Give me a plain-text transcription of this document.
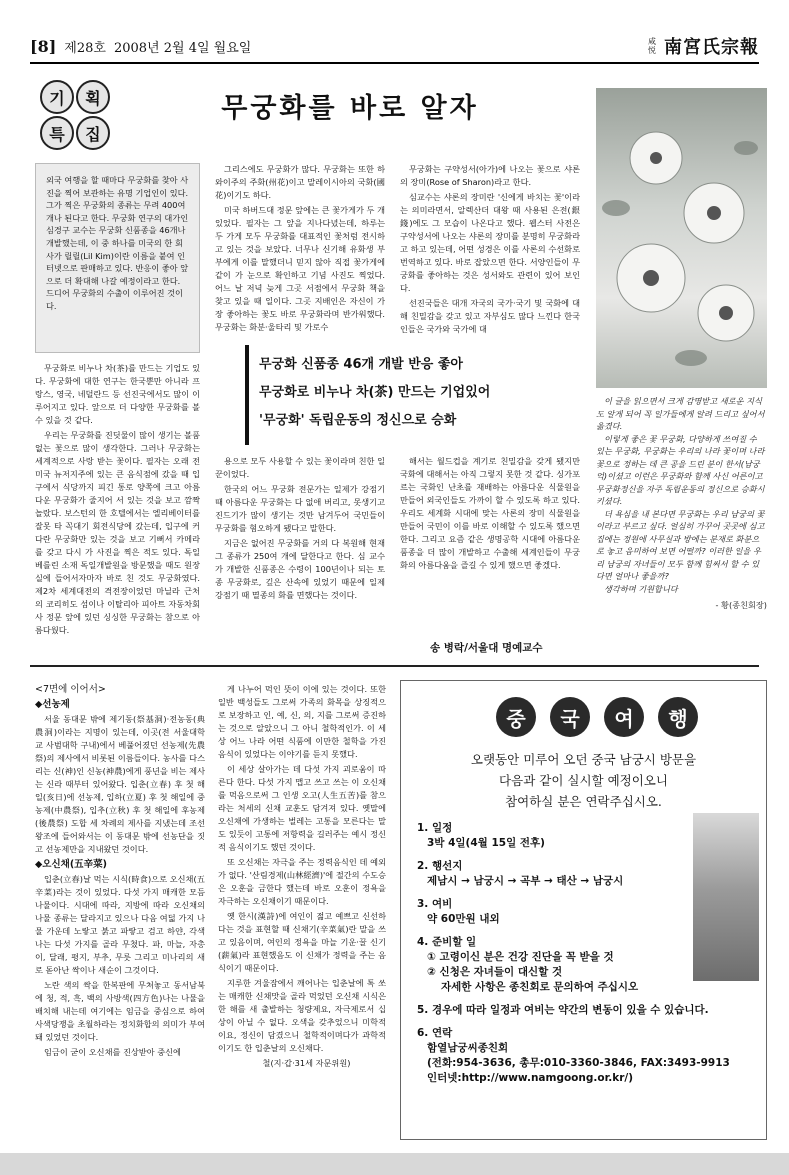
[8] 제28호 2008년 2월 4일 월요일	咸悦 南宮氏宗報
기	획
특	집
무궁화를 바로 알자
외국 여행을 할 때마다 무궁화를 찾아 사진을 찍어 보관하는 유명 기업인이 있다. 그가 찍은 무궁화의 종류는 무려 400여 개나 된다고 한다. 무궁화 연구의 대가인 심경구 교수는 무궁화 신품종을 46개나 개발했는데, 이 중 하나를 미국의 한 회사가 릴릴(Lil Kim)이란 이름을 붙여 인터넷으로 판매하고 있다. 반응이 좋아 앞으로 더 확대해 나갈 예정이라고 한다. 드디어 무궁화의 수출이 이루어진 것이다.

무궁화로 비누나 차(茶)를 만드는 기업도 있다. 무궁화에 대한 연구는 한국뿐만 아니라 프랑스, 영국, 네덜란드 등 선진국에서도 많이 이루어지고 있다. 앞으로 더 다양한 무궁화를 볼 수 있을 것 같다.

우리는 무궁화를 진딧물이 많이 생기는 볼품없는 꽃으로 많이 생각한다. 그러나 무궁화는 세계적으로 사랑 받는 꽃이다. 필자는 오래 전 미국 뉴저지주에 있는 큰 음식점에 갔을 때 입구에서 식당까지 피긴 통로 양쪽에 크고 아름다운 무궁화가 줄지어 서 있는 것을 보고 깜짝 놀랐다. 보스턴의 한 호텔에서는 엘리베이터를 잘못 타 꼭대기 회전식당에 갔는데, 입구에 커다란 무궁화만 있는 것을 보고 기뻐서 카메라를 갖고 다시 가 사진을 찍은 적도 있다. 독일 베를린 소재 독일개발원을 방문했을 때도 원장실에 들어서자마자 바로 친 것도 무궁화였다. 제2차 세계대전의 격전장이었던 마닐라 근처의 코리히도 섬이나 이탈리아 피아트 자동차회사 정문 앞에 있던 싱싱한 무궁화는 참으로 아름다웠다.

그리스에도 무궁화가 많다. 무궁화는 또한 하와이주의 주화(州花)이고 말레이시아의 국화(國花)이기도 하다.

미국 하버드대 정문 앞에는 큰 꽃가게가 두 개 있었다. 필자는 그 앞을 지나다녔는데, 하루는 두 가게 모두 무궁화를 대표적인 꽃처럼 전시하고 있는 것을 보았다. 너무나 신기해 유화생 부부에게 이를 말했더니 믿지 않아 직접 꽃가게에 같이 가 눈으로 확인하고 기념 사진도 찍었다. 어느 날 저녁 늦게 그곳 서점에서 무궁화 책을 찾고 있을 때 일이다. 그곳 지배인은 자신이 가장 좋아하는 꽃도 바로 무궁화라며 반가워했다. 무궁화는 화분·울타리 및 가로수

무궁화는 구약성서(아가)에 나오는 꽃으로 샤론의 장미(Rose of Sharon)라고 한다.

심교수는 샤론의 장미란 '신에게 바치는 꽃'이라는 의미라면서, 알렉산더 대왕 때 사용된 은전(銀錢)에도 그 모습이 나온다고 했다. 웹스터 사전은 구약성서에 나오는 샤론의 장미를 분명히 무궁화라고 하고 있는데, 어떤 성경은 이를 사론의 수선화로 번역하고 있다. 바로 잡았으면 한다. 서양인들이 무궁화를 좋아하는 것은 성서와도 관련이 있어 보인다.

선진국들은 대개 자국의 국가·국기 및 국화에 대해 친밀감을 갖고 있고 자부심도 많다 느낀다 한국인들은 국가와 국가에 대

무궁화 신품종 46개 개발 반응 좋아
무궁화로 비누나 차(茶) 만드는 기업있어
'무궁화' 독립운동의 정신으로 승화

용으로 모두 사용할 수 있는 꽃이라며 친한 일꾼이었다.

한국의 어느 무궁화 전문가는 일제가 강점기 때 아름다운 무궁화는 다 없애 버리고, 못생기고 진드기가 많이 생기는 것만 남겨두어 국민들이 무궁화를 혐오하게 됐다고 말한다.

지금은 없어진 무궁화를 거의 다 복원해 현재 그 종류가 250여 개에 달한다고 한다. 심 교수가 개발한 신품종은 수령이 100년이나 되는 토종 무궁화로, 깊은 산속에 있었기 때문에 일제 강점기 때 멸종의 화를 면했다는 것이다.

해서는 월드컵을 계기로 친밀감을 갖게 됐지만 국화에 대해서는 아직 그렇지 못한 것 같다. 싱가포르는 국화인 난초를 재배하는 아름다운 식물원을 만들어 외국인들도 가까이 할 수 있도록 하고 있다. 우리도 세계화 시대에 맞는 사론의 장미 식물원을 만들어 국민이 이를 바로 이해할 수 있도록 했으면 한다. 그리고 요즘 같은 생명공학 시대에 아름다운 품종을 더 많이 개발하고 수출해 세계인들이 무궁화의 아름다움을 즐길 수 있게 했으면 좋겠다.

송 병락/서울대 명예교수

이 글을 읽으면서 크게 감명받고 새로운 지식도 알게 되어 꼭 일가들에게 알려 드리고 싶어서 옮겼다.

이렇게 좋은 꽃 무궁화, 다양하게 쓰여질 수 있는 무궁화, 무궁화는 우리의 나라 꽃이며 나라꽃으로 정하는 데 큰 공을 드린 분이 한서(남궁 억)이셨고 이런은 무궁화와 함께 사신 어른이고 무궁화정신을 자주 독립운동의 정신으로 승화시키셨다.

더 욕심을 내 본다면 무궁화는 우리 남궁의 꽃이라고 부르고 싶다. 얼심히 가꾸어 곳곳에 심고 집에는 정원에 사무실과 방에는 분재로 화분으로 놓고 음미하여 보면 어떨까? 이러한 일을 우리 남궁의 자녀들이 모두 함께 힘써서 할 수 있다면 얼마나 좋을까?

생각하며 기원합니다

- 황(종친회장)

<7면에 이어서>

◆선농제

서울 동대문 밖에 제기동(祭基洞)·전농동(典農洞)이라는 지명이 있는데, 이곳(전 서울대학교 사범대학 구내)에서 베풀어졌던 선농제(先農祭)의 제사에서 비롯된 이름들이다. 농사를 다스리는 신(神)인 신농(神農)에게 풍년을 비는 제사는 신라 때부터 있어왔다. 입춘(立春) 후 첫 해일(亥日)에 선농제, 입하(立夏) 후 첫 해일에 중농제(中農祭), 입추(立秋) 후 첫 해일에 후농제(後農祭) 도합 세 차례의 제사를 지냈는데 조선왕조에 들어와서는 이 동대문 밖에 선농단을 짓고 선농제만을 지내왔던 것이다.

◆오신채(五辛菜)

입춘(立春)날 먹는 시식(時食)으로 오신채(五辛菜)라는 것이 있었다. 다섯 가지 매캐한 모듬나물이다. 시대에 따라, 지방에 따라 오신채의 나물 종류는 달라지고 있으나 다음 여덟 가지 나물 가운데 노랗고 붉고 파랗고 검고 하얀, 각색 나는 다섯 가지를 골라 무쳤다. 파, 마늘, 자총이, 달래, 평지, 부추, 무릇 그리고 미나리의 새로 돋아난 싹이나 새순이 그것이다.

노란 색의 싹을 한복판에 무쳐놓고 동서남북에 청, 적, 흑, 백의 사방색(四方色)나는 나물을 배치해 내는데 여기에는 임금을 중심으로 하여 사색당쟁을 초월하라는 정치화합의 의미가 부여돼 있었던 것이다.

임금이 굳이 오신채를 진상받아 중신에

게 나누어 먹인 뜻이 이에 있는 것이다. 또한 일반 백성들도 그로써 가족의 화목을 상징적으로 보장하고 인, 예, 신, 의, 지를 그로써 증진하는 것으로 알았으니 그 아니 철학적인가. 이 세상 어느 나라 어떤 식품에 이만한 철학을 가진 음식이 있었다는 이야기를 듣지 못했다.

이 세상 살아가는 데 다섯 가지 괴로움이 따른다 한다. 다섯 가지 맵고 쓰고 쓰는 이 오신채를 먹음으로써 그 인생 오고(人生五苦)를 참으라는 처세의 신채 교훈도 담겨져 있다. 옛말에 오신채에 가생하는 벌레는 고통을 모른다는 말도 있듯이 고통에 저항력을 길러주는 예시 정신적 음식이기도 했던 것이다.

또 오신채는 자극을 주는 정력음식인 데 예외가 없다. '산림경제(山林經濟)'에 절간의 수도승은 오훈을 금한다 했는데 바로 오훈이 정욕을 자극하는 오신채이기 때문이다.

옛 한시(漢詩)에 여인이 젊고 예쁘고 신선하다는 것을 표현할 때 신채기(辛菜氣)란 말을 쓰고 있음이며, 여인의 정욕을 마늘 기운·꿀 신기(薪氣)라 표현했음도 이 신채가 정력을 주는 음식이기 때문이다.

지루한 겨울잠에서 깨어나는 입춘날에 톡 쏘는 매캐한 신채맛을 골라 먹었던 오신채 시식은 한 해를 새 출발하는 청량제요, 자극제로서 십상이 아닐 수 없다. 오색을 갖추었으니 미학적이요, 정신이 담겼으니 철학적이며다가 과학적이기도 한 입춘날의 오신채다.

철(지·갑·31세 자문위원)

중	국	여	행
오랫동안 미루어 오던 중국 남궁시 방문을
다음과 같이 실시할 예정이오니
참여하실 분은 연락주십시오.
1. 일정
3박 4일(4월 15일 전후)
2. 행선지
제남시 → 남궁시 → 곡부 → 태산 → 남궁시
3. 여비
약 60만원 내외
4. 준비할 일
① 고령이신 분은 건강 진단을 꼭 받을 것
② 신청은 자녀들이 대신할 것
자세한 사항은 종친회로 문의하여 주십시오
5. 경우에 따라 일정과 여비는 약간의 변동이 있을 수 있습니다.
6. 연락
함열남궁씨종친회
(전화:954-3636, 총무:010-3360-3846, FAX:3493-9913
인터넷:http://www.namgoong.or.kr/)
